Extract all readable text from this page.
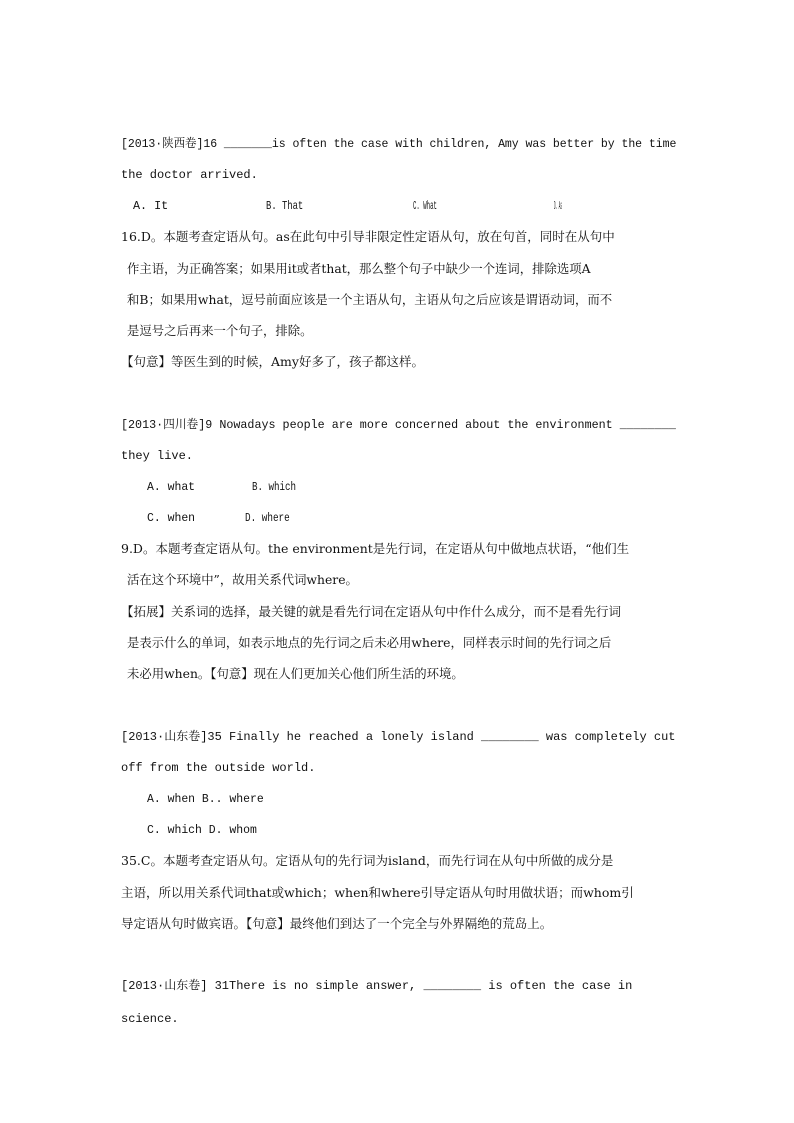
[2013·陕西卷]16 _______is often the case with children, Amy was better by the time
the doctor arrived.
A. It	B. That	C. What	D. As
16.D。本题考查定语从句。as在此句中引导非限定性定语从句，放在句首，同时在从句中
作主语，为正确答案；如果用it或者that，那么整个句子中缺少一个连词，排除选项A
和B；如果用what，逗号前面应该是一个主语从句，主语从句之后应该是谓语动词，而不
是逗号之后再来一个句子，排除。
【句意】等医生到的时候，Amy好多了，孩子都这样。
[2013·四川卷]9 Nowadays people are more concerned about the environment ________
they live.
A. what	B. which
C. when	D. where
9.D。本题考查定语从句。the environment是先行词，在定语从句中做地点状语，“他们生
活在这个环境中”，故用关系代词where。
【拓展】关系词的选择，最关键的就是看先行词在定语从句中作什么成分，而不是看先行词
是表示什么的单词，如表示地点的先行词之后未必用where，同样表示时间的先行词之后
未必用when。【句意】现在人们更加关心他们所生活的环境。
[2013·山东卷]35 Finally he reached a lonely island ________ was completely cut
off from the outside world.
A. when B.. where
C. which D. whom
35.C。本题考查定语从句。定语从句的先行词为island，而先行词在从句中所做的成分是
主语，所以用关系代词that或which；when和where引导定语从句时用做状语；而whom引
导定语从句时做宾语。【句意】最终他们到达了一个完全与外界隔绝的荒岛上。
[2013·山东卷] 31There is no simple answer, ________ is often the case in
science.
